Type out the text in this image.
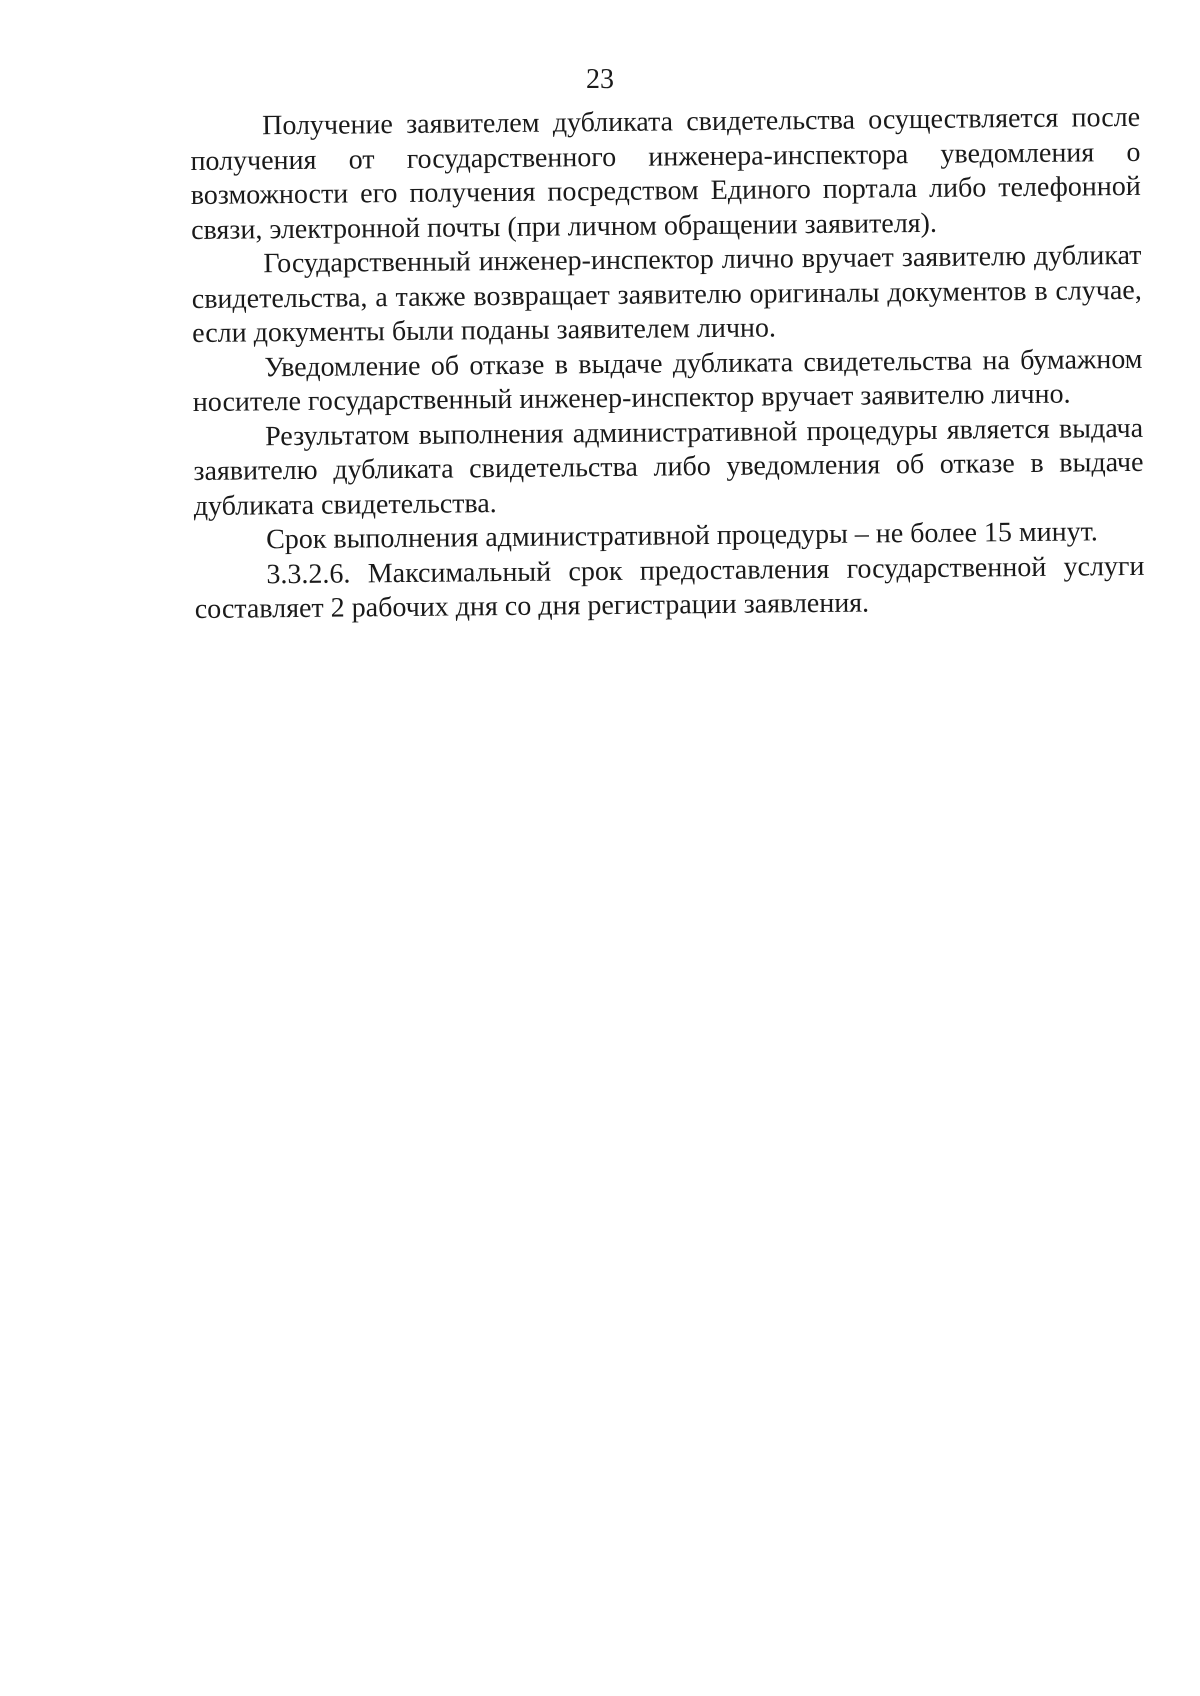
23

Получение заявителем дубликата свидетельства осуществляется после получения от государственного инженера-инспектора уведомления о возможности его получения посредством Единого портала либо телефонной связи, электронной почты (при личном обращении заявителя).

Государственный инженер-инспектор лично вручает заявителю дубликат свидетельства, а также возвращает заявителю оригиналы документов в случае, если документы были поданы заявителем лично.

Уведомление об отказе в выдаче дубликата свидетельства на бумажном носителе государственный инженер-инспектор вручает заявителю лично.

Результатом выполнения административной процедуры является выдача заявителю дубликата свидетельства либо уведомления об отказе в выдаче дубликата свидетельства.

Срок выполнения административной процедуры – не более 15 минут.

3.3.2.6. Максимальный срок предоставления государственной услуги составляет 2 рабочих дня со дня регистрации заявления.
